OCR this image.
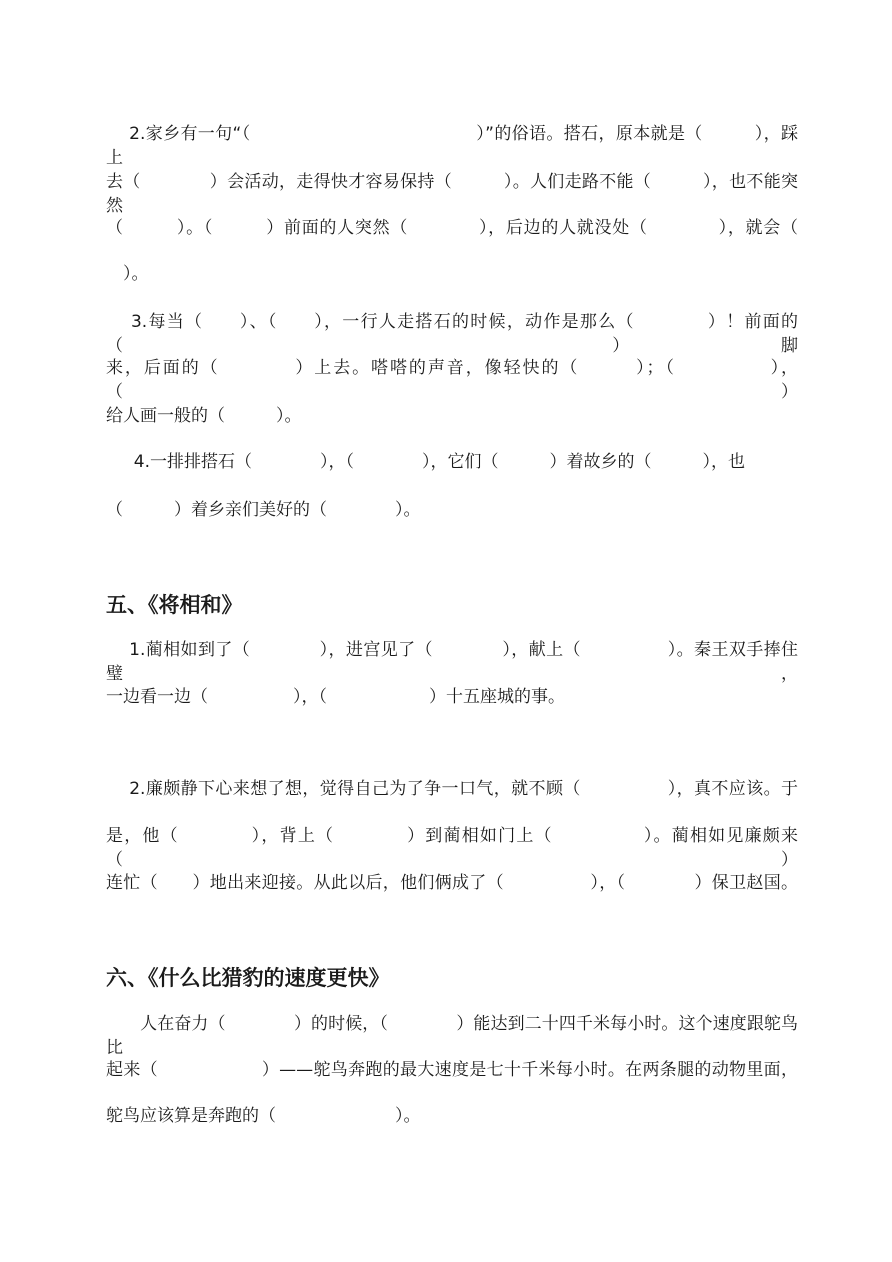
　 2.家乡有一句“（　　　　　　　　　　　　　）”的俗语。搭石，原本就是（　　　），踩上
去（　　　　）会活动，走得快才容易保持（　　　）。人们走路不能（　　　），也不能突然
（　　　）。（　　　）前面的人突然（　　　　），后边的人就没处（　　　　），就会（
　）。
　 3.每当（　　）、（　　），一行人走搭石的时候，动作是那么（　　　　）！前面的（　　）脚
来，后面的（　　　　）上去。嗒嗒的声音，像轻快的（　　　）；（　　　　　），（　　　　　）
给人画一般的（　　　）。
　  4.一排排搭石（　　　　），（　　　　），它们（　　　）着故乡的（　　　），也
（　　　）着乡亲们美好的（　　　　）。
五、《将相和》
　 1.蔺相如到了（　　　　），进宫见了（　　　　），献上（　　　　　）。秦王双手捧住璧，
一边看一边（　　　　　），（　　　　　　）十五座城的事。
　 2.廉颇静下心来想了想，觉得自己为了争一口气，就不顾（　　　　　），真不应该。于
是，他（　　　　），背上（　　　　）到蔺相如门上（　　　　　）。蔺相如见廉颇来（　　　　）
连忙（　　）地出来迎接。从此以后，他们俩成了（　　　　　），（　　　　）保卫赵国。
六、《什么比猎豹的速度更快》
　　人在奋力（　　　　）的时候，（　　　　）能达到二十四千米每小时。这个速度跟鸵鸟比
起来（　　　　　　）——鸵鸟奔跑的最大速度是七十千米每小时。在两条腿的动物里面，
鸵鸟应该算是奔跑的（　　　　　　　）。
